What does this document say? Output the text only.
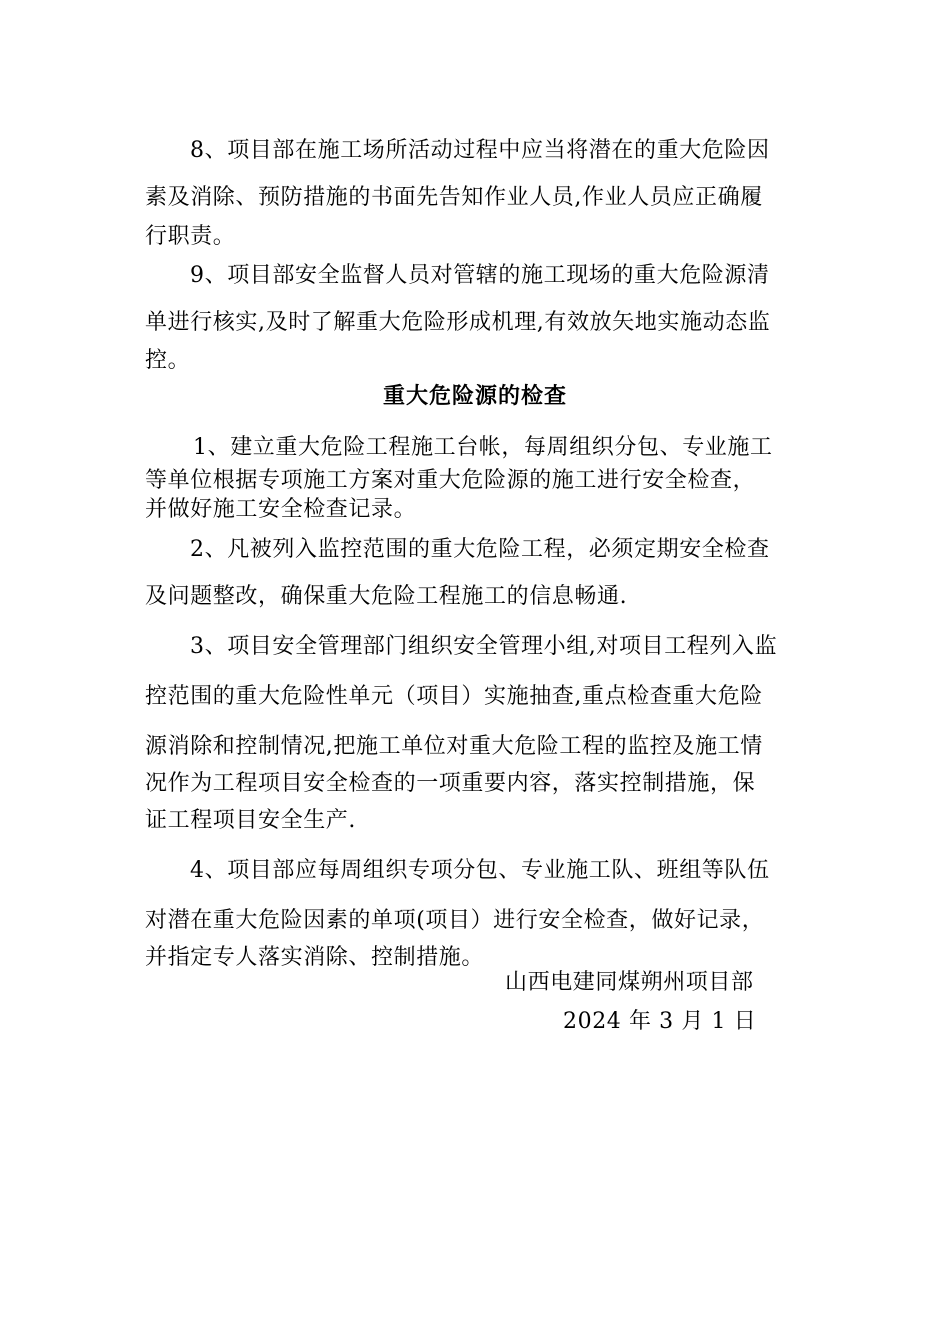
8、项目部在施工场所活动过程中应当将潜在的重大危险因
素及消除、预防措施的书面先告知作业人员,作业人员应正确履
行职责。
9、项目部安全监督人员对管辖的施工现场的重大危险源清
单进行核实,及时了解重大危险形成机理,有效放矢地实施动态监
控。
重大危险源的检查
1、建立重大危险工程施工台帐，每周组织分包、专业施工
等单位根据专项施工方案对重大危险源的施工进行安全检查，
并做好施工安全检查记录。
2、凡被列入监控范围的重大危险工程，必须定期安全检查
及问题整改，确保重大危险工程施工的信息畅通.
3、项目安全管理部门组织安全管理小组,对项目工程列入监
控范围的重大危险性单元（项目）实施抽查,重点检查重大危险
源消除和控制情况,把施工单位对重大危险工程的监控及施工情
况作为工程项目安全检查的一项重要内容，落实控制措施，保
证工程项目安全生产.
4、项目部应每周组织专项分包、专业施工队、班组等队伍
对潜在重大危险因素的单项(项目）进行安全检查，做好记录，
并指定专人落实消除、控制措施。
山西电建同煤朔州项目部
2024 年 3 月 1 日
